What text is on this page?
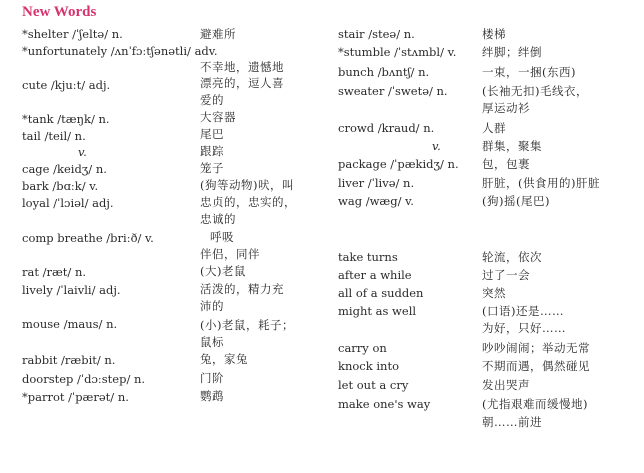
New Words
*shelter /ˈʃeltə/ n.	避难所
*unfortunately /ʌnˈfɔːtʃənətli/ adv.
不幸地，遗憾地
cute /kjuːt/ adj.	漂亮的，逗人喜
爱的
*tank /tæŋk/ n.	大容器
tail /teil/ n.	尾巴
v.	跟踪
cage /keidʒ/ n.	笼子
bark /bɑːk/ v.	(狗等动物)吠，叫
loyal /ˈlɔiəl/ adj.	忠贞的，忠实的，
忠诚的
comp breathe /briːð/ v.	呼吸
伴侣，同伴
rat /ræt/ n.	(大)老鼠
lively /ˈlaivli/ adj.	活泼的，精力充
沛的
mouse /maus/ n.	(小)老鼠，耗子；
鼠标
rabbit /ræbit/ n.	兔，家兔
doorstep /ˈdɔːstep/ n.	门阶
*parrot /ˈpærət/ n.	鹦鹉
stair /steə/ n.	楼梯
*stumble /ˈstʌmbl/ v. 绊脚；绊倒
bunch /bʌntʃ/ n.	一束，一捆(东西)
sweater /ˈswetə/ n.	(长袖无扣)毛线衣，
厚运动衫
crowd /kraud/ n.	人群
v.	群集，聚集
package /ˈpækidʒ/ n. 包，包裹
liver /ˈlivə/ n.	肝脏，(供食用的)肝脏
wag /wæg/ v.	(狗)摇(尾巴)
take turns	轮流，依次
after a while	过了一会
all of a sudden	突然
might as well	(口语)还是……
为好，只好……
carry on	吵吵闹闹；举动无常
knock into	不期而遇，偶然碰见
let out a cry	发出哭声
make one's way	(尤指艰难而缓慢地)
朝……前进
